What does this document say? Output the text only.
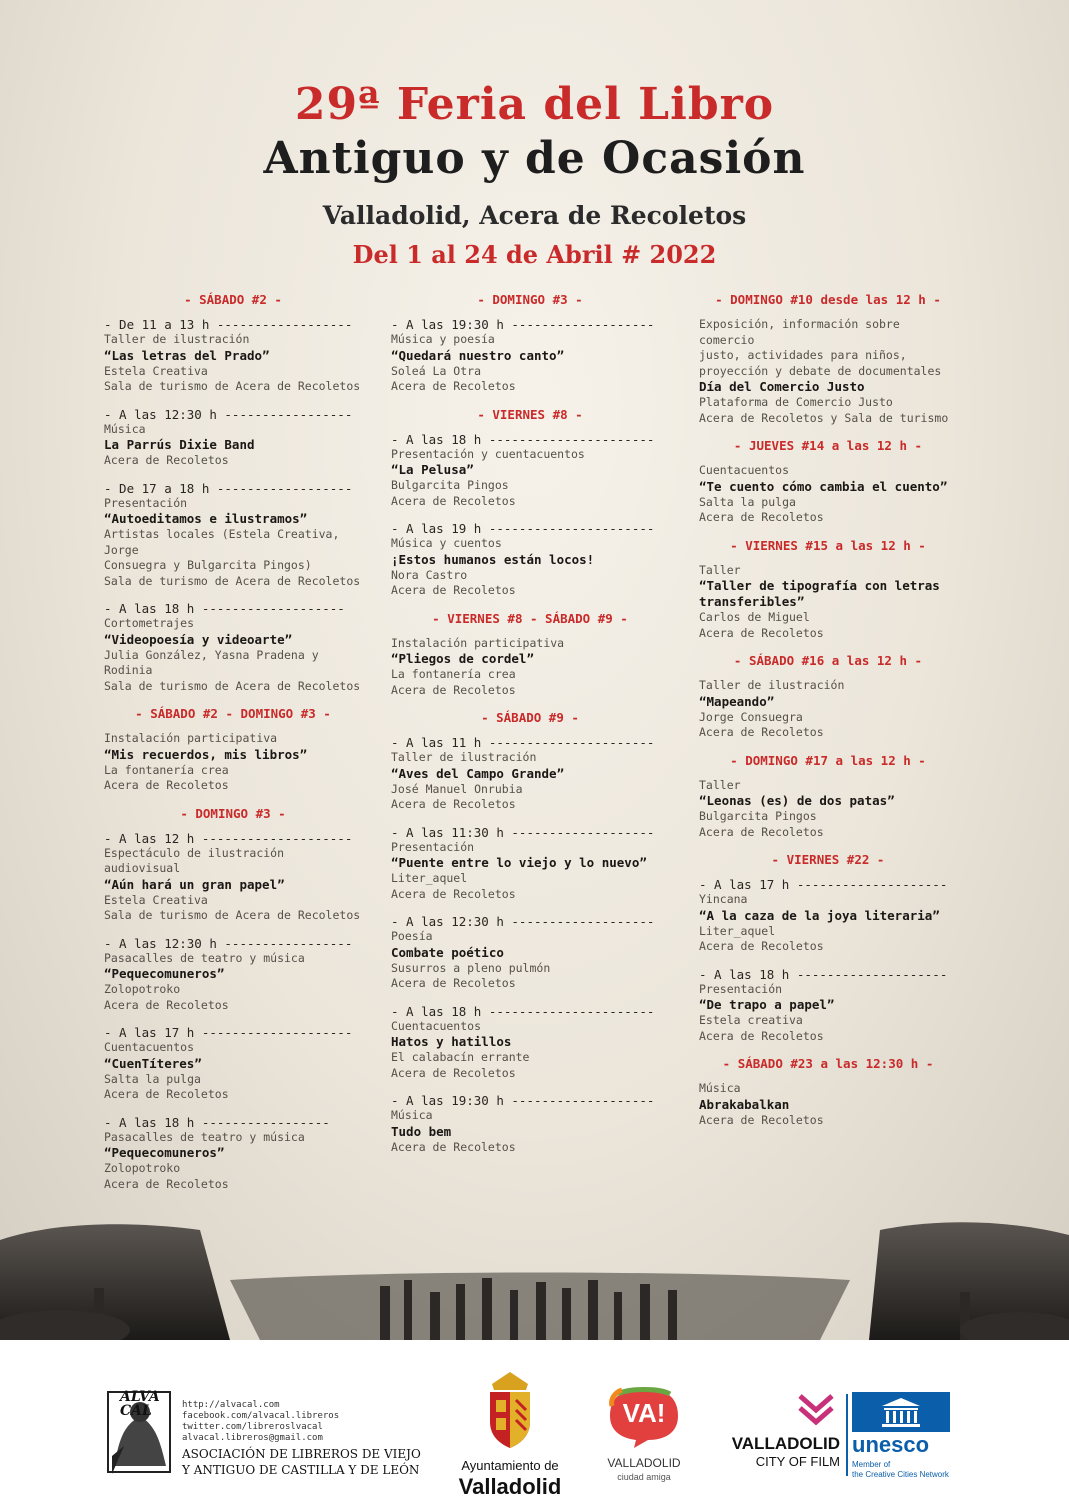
29ª Feria del Libro
Antiguo y de Ocasión
Valladolid, Acera de Recoletos
Del 1 al 24 de Abril # 2022
- SÁBADO #2 -
- De 11 a 13 h ------------------
Taller de ilustración
“Las letras del Prado”
Estela Creativa
Sala de turismo de Acera de Recoletos
- A las 12:30 h -----------------
Música
La Parrús Dixie Band
Acera de Recoletos
- De 17 a 18 h ------------------
Presentación
“Autoeditamos e ilustramos”
Artistas locales (Estela Creativa, Jorge
Consuegra y Bulgarcita Pingos)
Sala de turismo de Acera de Recoletos
- A las 18 h -------------------
Cortometrajes
“Videopoesía y videoarte”
Julia González, Yasna Pradena y Rodinia
Sala de turismo de Acera de Recoletos
- SÁBADO #2 - DOMINGO #3 -
Instalación participativa
“Mis recuerdos, mis libros”
La fontanería crea
Acera de Recoletos
- DOMINGO #3 -
- A las 12 h --------------------
Espectáculo de ilustración audiovisual
“Aún hará un gran papel”
Estela Creativa
Sala de turismo de Acera de Recoletos
- A las 12:30 h -----------------
Pasacalles de teatro y música
“Pequecomuneros”
Zolopotroko
Acera de Recoletos
- A las 17 h --------------------
Cuentacuentos
“CuenTíteres”
Salta la pulga
Acera de Recoletos
- A las 18 h -----------------
Pasacalles de teatro y música
“Pequecomuneros”
Zolopotroko
Acera de Recoletos
- DOMINGO #3 -
- A las 19:30 h -------------------
Música y poesía
“Quedará nuestro canto”
Soleá La Otra
Acera de Recoletos
- VIERNES #8 -
- A las 18 h ----------------------
Presentación y cuentacuentos
“La Pelusa”
Bulgarcita Pingos
Acera de Recoletos
- A las 19 h ----------------------
Música y cuentos
¡Estos humanos están locos!
Nora Castro
Acera de Recoletos
- VIERNES #8 - SÁBADO #9 -
Instalación participativa
“Pliegos de cordel”
La fontanería crea
Acera de Recoletos
- SÁBADO #9 -
- A las 11 h ----------------------
Taller de ilustración
“Aves del Campo Grande”
José Manuel Onrubia
Acera de Recoletos
- A las 11:30 h -------------------
Presentación
“Puente entre lo viejo y lo nuevo”
Liter_aquel
Acera de Recoletos
- A las 12:30 h -------------------
Poesía
Combate poético
Susurros a pleno pulmón
Acera de Recoletos
- A las 18 h ----------------------
Cuentacuentos
Hatos y hatillos
El calabacín errante
Acera de Recoletos
- A las 19:30 h -------------------
Música
Tudo bem
Acera de Recoletos
- DOMINGO #10 desde las 12 h -
Exposición, información sobre comercio
justo, actividades para niños,
proyección y debate de documentales
Día del Comercio Justo
Plataforma de Comercio Justo
Acera de Recoletos y Sala de turismo
- JUEVES #14 a las 12 h -
Cuentacuentos
“Te cuento cómo cambia el cuento”
Salta la pulga
Acera de Recoletos
- VIERNES #15 a las 12 h -
Taller
“Taller de tipografía con letras
transferibles”
Carlos de Miguel
Acera de Recoletos
- SÁBADO #16 a las 12 h -
Taller de ilustración
“Mapeando”
Jorge Consuegra
Acera de Recoletos
- DOMINGO #17 a las 12 h -
Taller
“Leonas (es) de dos patas”
Bulgarcita Pingos
Acera de Recoletos
- VIERNES #22 -
- A las 17 h --------------------
Yincana
“A la caza de la joya literaria”
Liter_aquel
Acera de Recoletos
- A las 18 h --------------------
Presentación
“De trapo a papel”
Estela creativa
Acera de Recoletos
- SÁBADO #23 a las 12:30 h -
Música
Abrakabalkan
Acera de Recoletos
ALVA CAL	http://alvacal.com
facebook.com/alvacal.libreros
twitter.com/libreroslvacal
alvacal.libreros@gmail.com
ASOCIACIÓN DE LIBREROS DE VIEJO
Y ANTIGUO DE CASTILLA Y DE LEÓN	Ayuntamiento de
Valladolid
VA!
VALLADOLID
ciudad amiga
VALLADOLID
CITY OF FILM
unesco
Member of
the Creative Cities Network
